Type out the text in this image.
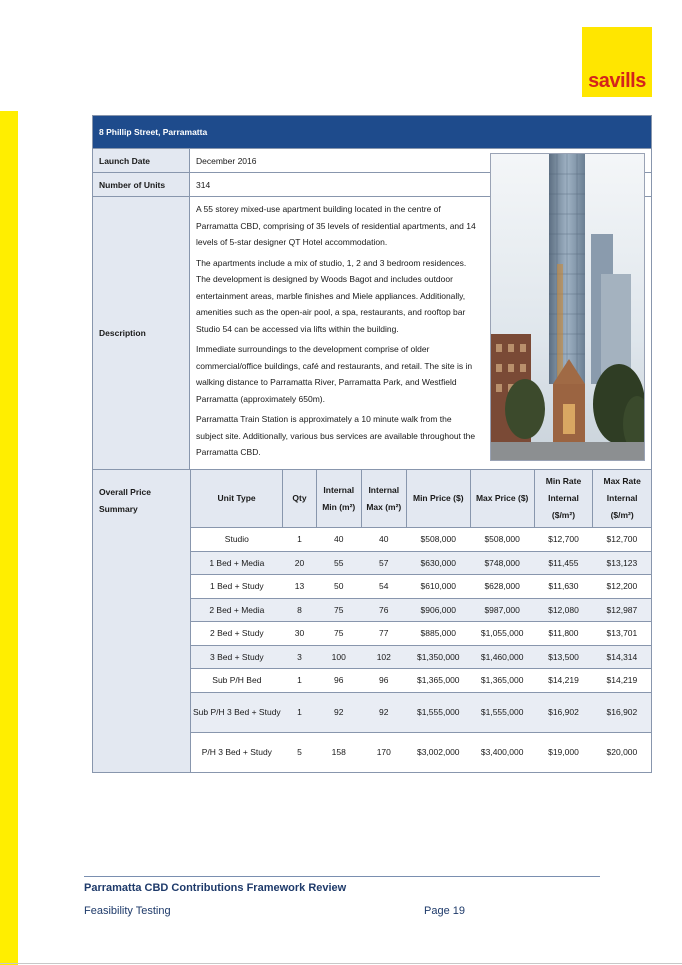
savills
8 Phillip Street, Parramatta
Launch Date	December 2016
Number of Units	314
Description

A 55 storey mixed-use apartment building located in the centre of Parramatta CBD, comprising of 35 levels of residential apartments, and 14 levels of 5-star designer QT Hotel accommodation.

The apartments include a mix of studio, 1, 2 and 3 bedroom residences. The development is designed by Woods Bagot and includes outdoor entertainment areas, marble finishes and Miele appliances. Additionally, amenities such as the open-air pool, a spa, restaurants, and rooftop bar Studio 54 can be accessed via lifts within the building.

Immediate surroundings to the development comprise of older commercial/office buildings, café and restaurants, and retail. The site is in walking distance to Parramatta River, Parramatta Park, and Westfield Parramatta (approximately 650m).

Parramatta Train Station is approximately a 10 minute walk from the subject site. Additionally, various bus services are available throughout the Parramatta CBD.

Overall Price
Summary
Unit Type	Qty	Internal Min (m²)	Internal Max (m²)	Min Price ($)	Max Price ($)	Min Rate Internal ($/m²)	Max Rate Internal ($/m²)
Studio	1	40	40	$508,000	$508,000	$12,700	$12,700
1 Bed + Media	20	55	57	$630,000	$748,000	$11,455	$13,123
1 Bed + Study	13	50	54	$610,000	$628,000	$11,630	$12,200
2 Bed + Media	8	75	76	$906,000	$987,000	$12,080	$12,987
2 Bed + Study	30	75	77	$885,000	$1,055,000	$11,800	$13,701
3 Bed + Study	3	100	102	$1,350,000	$1,460,000	$13,500	$14,314
Sub P/H Bed	1	96	96	$1,365,000	$1,365,000	$14,219	$14,219
Sub P/H 3 Bed + Study	1	92	92	$1,555,000	$1,555,000	$16,902	$16,902
P/H 3 Bed + Study	5	158	170	$3,002,000	$3,400,000	$19,000	$20,000
Parramatta CBD Contributions Framework Review
Feasibility Testing	Page 19
